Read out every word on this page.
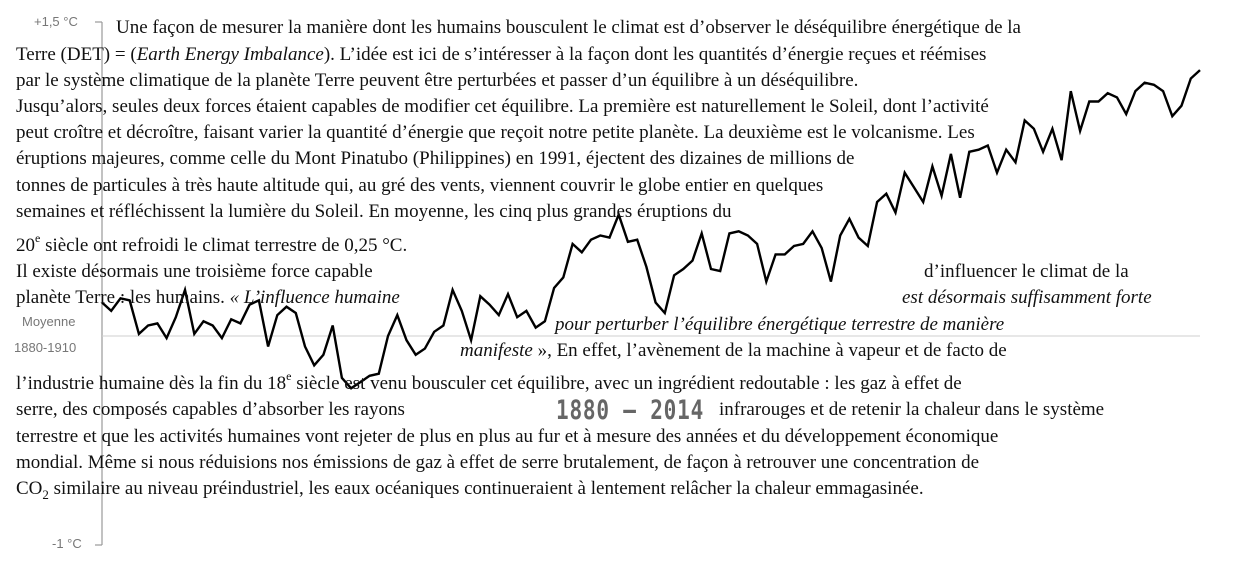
+1,5 °C
Moyenne
1880-1910
-1 °C
1880 – 2014
Une façon de mesurer la manière dont les humains bousculent le climat est d’observer le déséquilibre énergétique de la
Terre (DET) = (Earth Energy Imbalance). L’idée est ici de s’intéresser à la façon dont les quantités d’énergie reçues et réémises
par le système climatique de la planète Terre peuvent être perturbées et passer d’un équilibre à un déséquilibre.
Jusqu’alors, seules deux forces étaient capables de modifier cet équilibre. La première est naturellement le Soleil, dont l’activité
peut croître et décroître, faisant varier la quantité d’énergie que reçoit notre petite planète. La deuxième est le volcanisme. Les
éruptions majeures, comme celle du Mont Pinatubo (Philippines) en 1991, éjectent des dizaines de millions de
tonnes de particules à très haute altitude qui, au gré des vents, viennent couvrir le globe entier en quelques
semaines et réfléchissent la lumière du Soleil. En moyenne, les cinq plus grandes éruptions du
20e siècle ont refroidi le climat terrestre de 0,25 °C.
Il existe désormais une troisième force capable	d’influencer le climat de la
planète Terre : les humains. « L’influence humaine	est désormais suffisamment forte
pour perturber l’équilibre énergétique terrestre de manière
manifeste », En effet, l’avènement de la machine à vapeur et de facto de
l’industrie humaine dès la fin du 18e siècle est venu bousculer cet équilibre, avec un ingrédient redoutable : les gaz à effet de
serre, des composés capables d’absorber les rayons	infrarouges et de retenir la chaleur dans le système
terrestre et que les activités humaines vont rejeter de plus en plus au fur et à mesure des années et du développement économique
mondial. Même si nous réduisions nos émissions de gaz à effet de serre brutalement, de façon à retrouver une concentration de
$CO_2$ similaire au niveau préindustriel, les eaux océaniques continueraient à lentement relâcher la chaleur emmagasinée.
